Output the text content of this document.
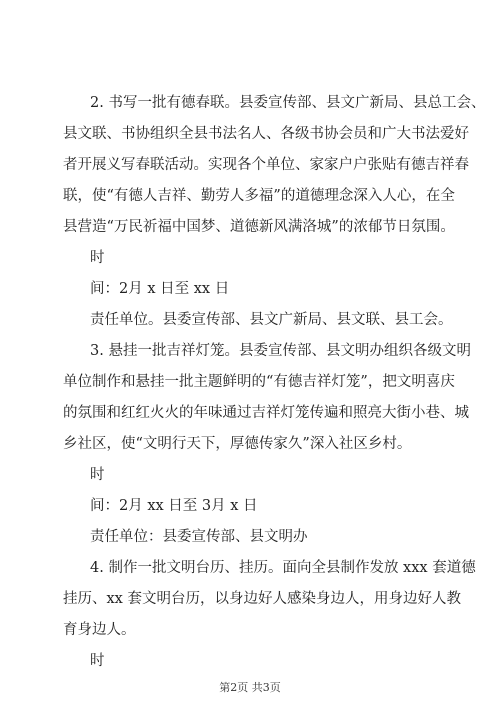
2. 书写一批有德春联。县委宣传部、县文广新局、县总工会、
县文联、书协组织全县书法名人、各级书协会员和广大书法爱好
者开展义写春联活动。实现各个单位、家家户户张贴有德吉祥春
联，使“有德人吉祥、勤劳人多福”的道德理念深入人心，在全
县营造“万民祈福中国梦、道德新风满洛城”的浓郁节日氛围。
时
间：2月 x 日至 xx 日
责任单位。县委宣传部、县文广新局、县文联、县工会。
3. 悬挂一批吉祥灯笼。县委宣传部、县文明办组织各级文明
单位制作和悬挂一批主题鲜明的“有德吉祥灯笼”，把文明喜庆
的氛围和红红火火的年味通过吉祥灯笼传遍和照亮大街小巷、城
乡社区，使“文明行天下，厚德传家久”深入社区乡村。
时
间：2月 xx 日至 3月 x 日
责任单位：县委宣传部、县文明办
4. 制作一批文明台历、挂历。面向全县制作发放 xxx 套道德
挂历、xx 套文明台历，以身边好人感染身边人，用身边好人教
育身边人。
时
第2页 共3页
